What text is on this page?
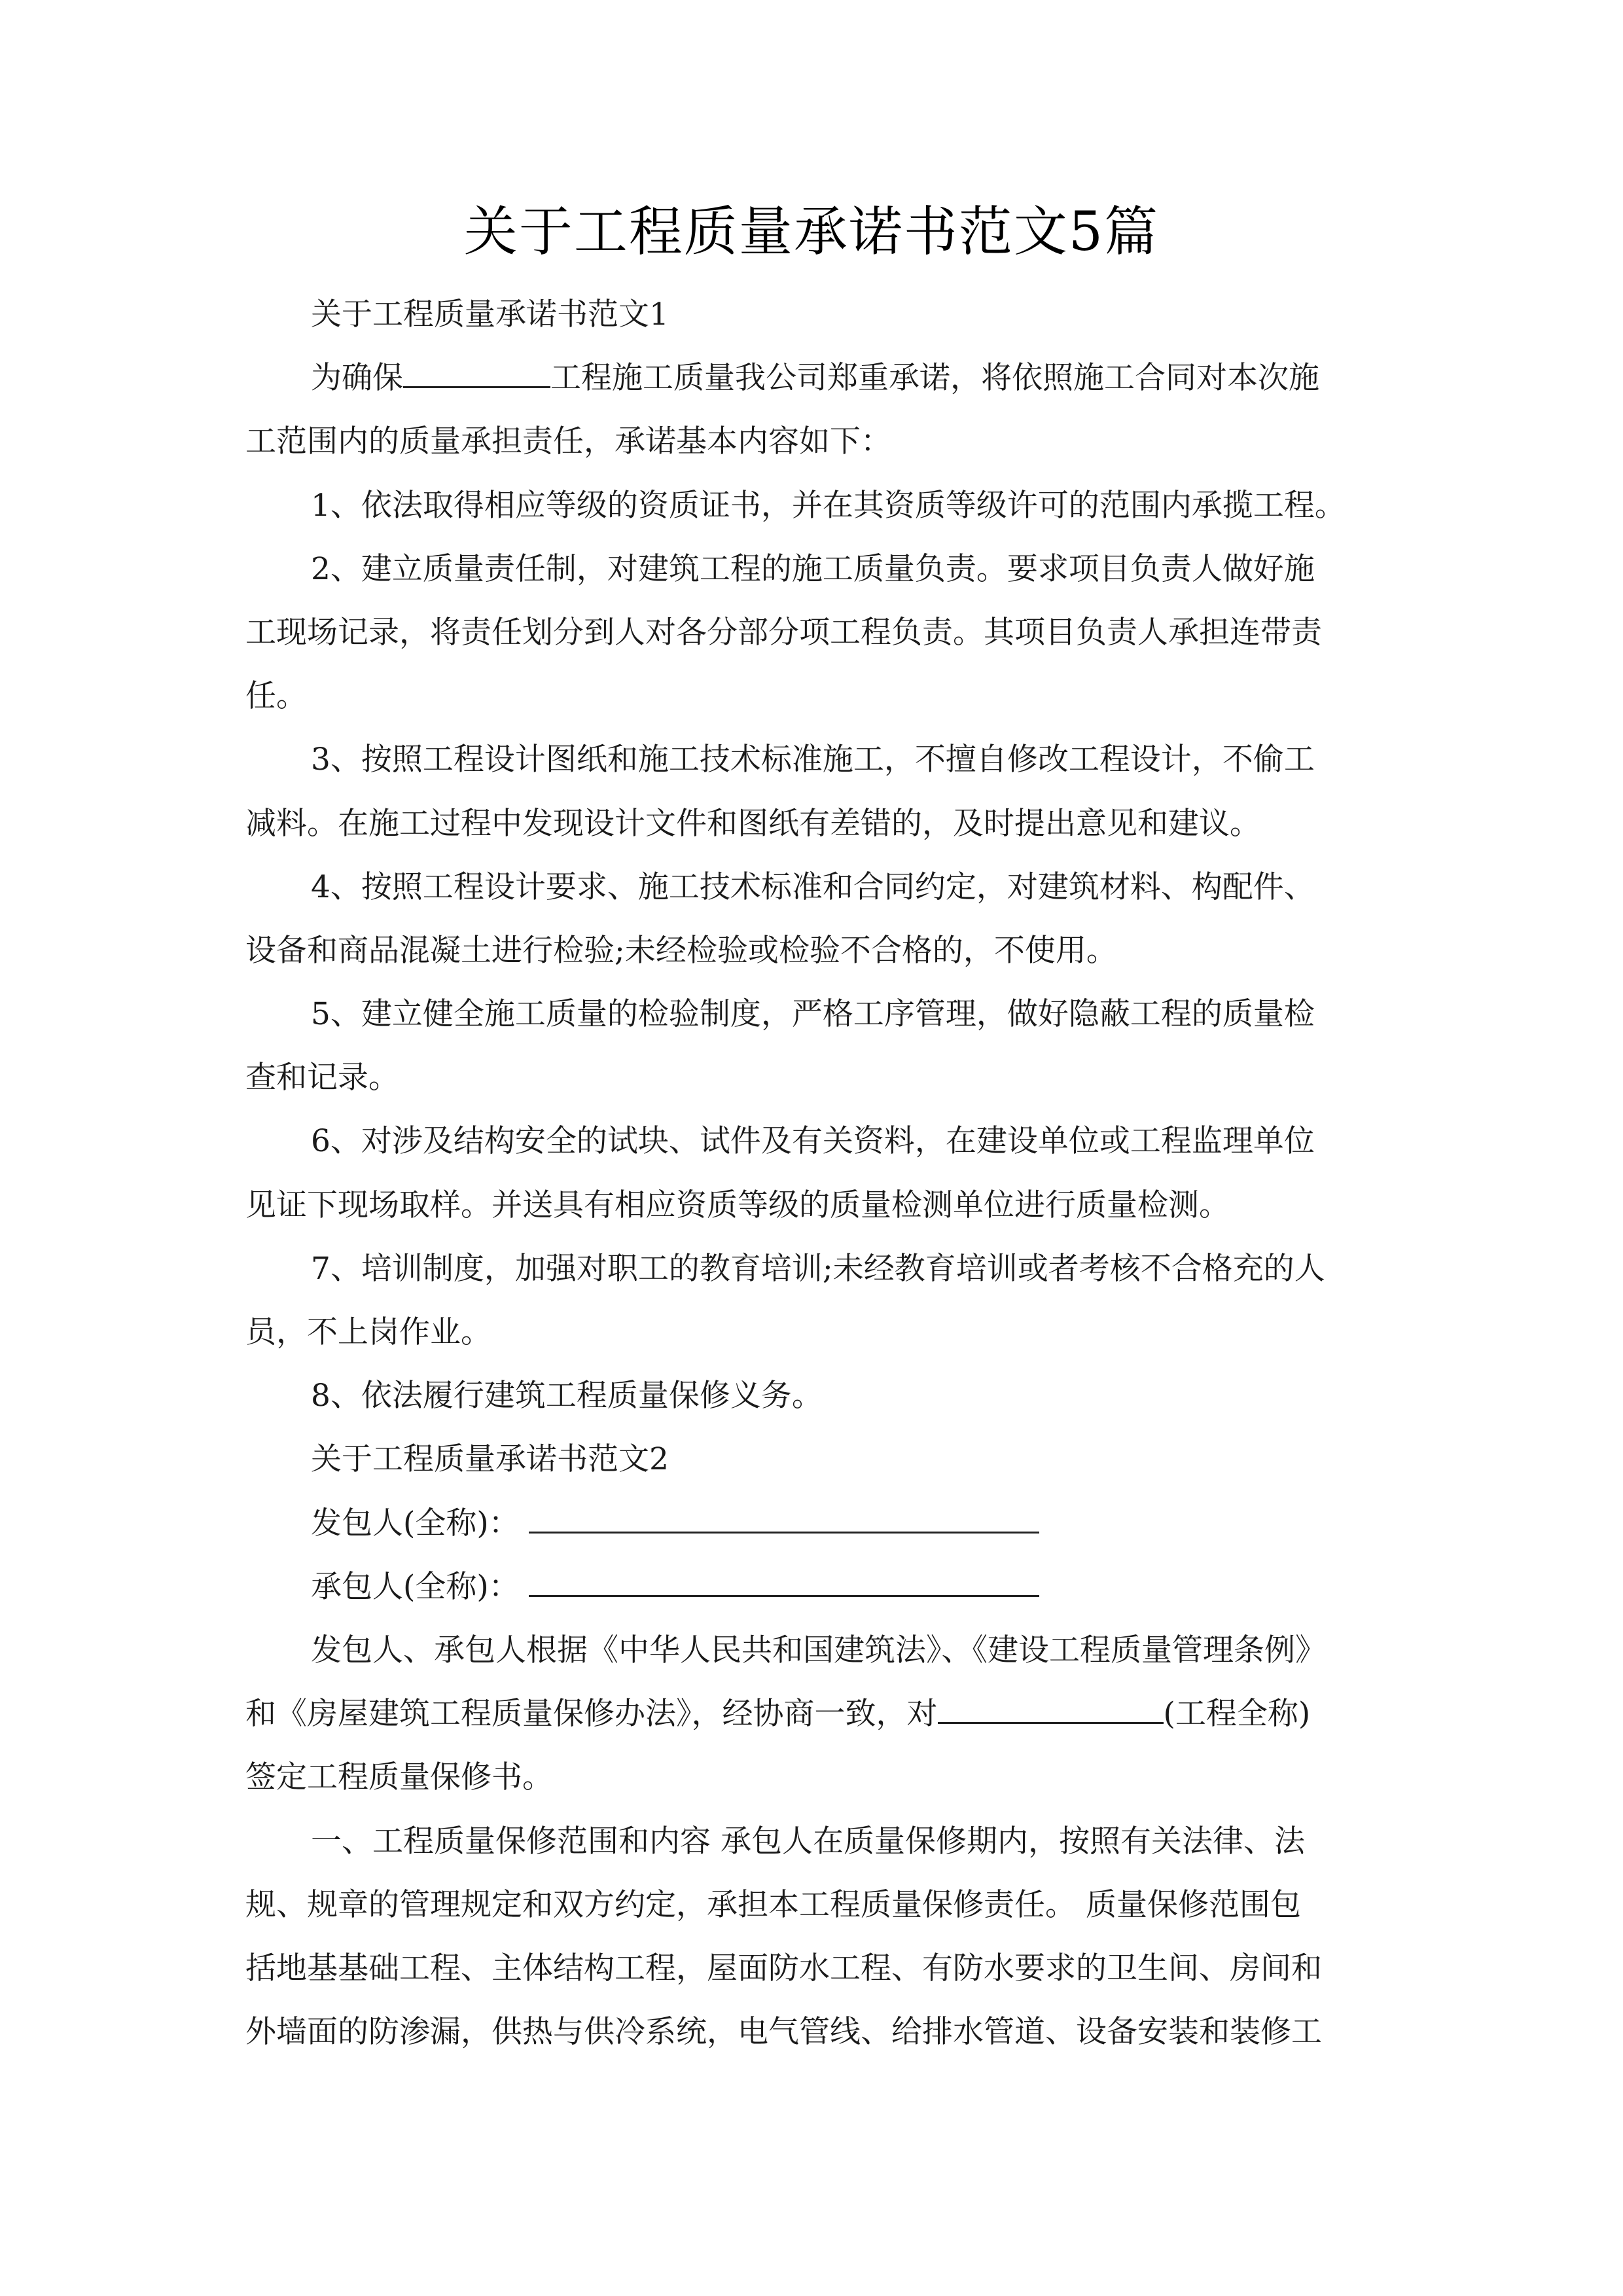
关于工程质量承诺书范文5篇
关于工程质量承诺书范文1
为确保	工程施工质量我公司郑重承诺，将依照施工合同对本次施
工范围内的质量承担责任，承诺基本内容如下：
1、依法取得相应等级的资质证书，并在其资质等级许可的范围内承揽工程。
2、建立质量责任制，对建筑工程的施工质量负责。要求项目负责人做好施
工现场记录，将责任划分到人对各分部分项工程负责。其项目负责人承担连带责
任。
3、按照工程设计图纸和施工技术标准施工，不擅自修改工程设计，不偷工
减料。在施工过程中发现设计文件和图纸有差错的，及时提出意见和建议。
4、按照工程设计要求、施工技术标准和合同约定，对建筑材料、构配件、
设备和商品混凝土进行检验;未经检验或检验不合格的，不使用。
5、建立健全施工质量的检验制度，严格工序管理，做好隐蔽工程的质量检
查和记录。
6、对涉及结构安全的试块、试件及有关资料，在建设单位或工程监理单位
见证下现场取样。并送具有相应资质等级的质量检测单位进行质量检测。
7、培训制度，加强对职工的教育培训;未经教育培训或者考核不合格充的人
员，不上岗作业。
8、依法履行建筑工程质量保修义务。
关于工程质量承诺书范文2
发包人(全称)：
承包人(全称)：
发包人、承包人根据《中华人民共和国建筑法》、《建设工程质量管理条例》
和《房屋建筑工程质量保修办法》，经协商一致，对	(工程全称)
签定工程质量保修书。
一、工程质量保修范围和内容 承包人在质量保修期内，按照有关法律、法
规、规章的管理规定和双方约定，承担本工程质量保修责任。 质量保修范围包
括地基基础工程、主体结构工程，屋面防水工程、有防水要求的卫生间、房间和
外墙面的防渗漏，供热与供冷系统，电气管线、给排水管道、设备安装和装修工
